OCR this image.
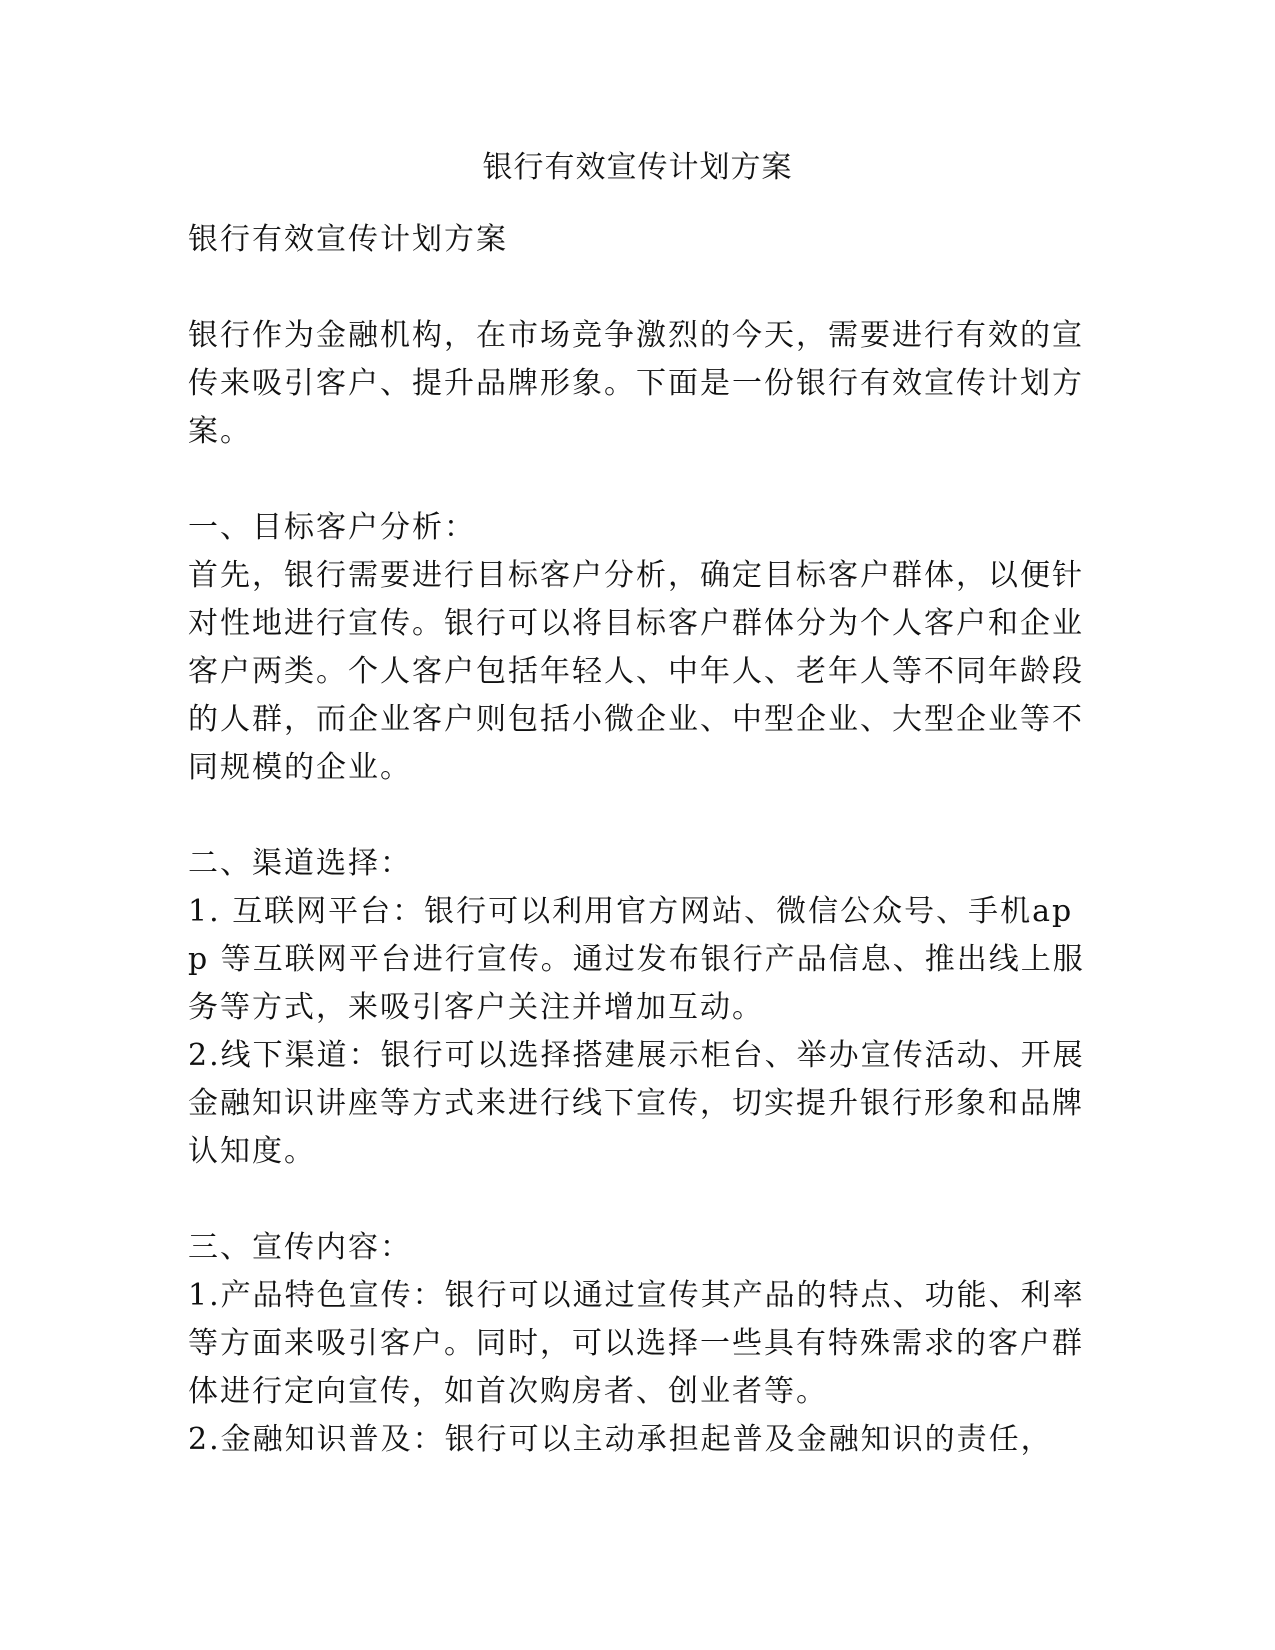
银行有效宣传计划方案

银行有效宣传计划方案

银行作为金融机构，在市场竞争激烈的今天，需要进行有效的宣传来吸引客户、提升品牌形象。下面是一份银行有效宣传计划方案。

一、目标客户分析：

首先，银行需要进行目标客户分析，确定目标客户群体，以便针对性地进行宣传。银行可以将目标客户群体分为个人客户和企业客户两类。个人客户包括年轻人、中年人、老年人等不同年龄段的人群，而企业客户则包括小微企业、中型企业、大型企业等不同规模的企业。

二、渠道选择：

1. 互联网平台：银行可以利用官方网站、微信公众号、手机app 等互联网平台进行宣传。通过发布银行产品信息、推出线上服务等方式，来吸引客户关注并增加互动。

2.线下渠道：银行可以选择搭建展示柜台、举办宣传活动、开展金融知识讲座等方式来进行线下宣传，切实提升银行形象和品牌认知度。

三、宣传内容：

1.产品特色宣传：银行可以通过宣传其产品的特点、功能、利率等方面来吸引客户。同时，可以选择一些具有特殊需求的客户群体进行定向宣传，如首次购房者、创业者等。

2.金融知识普及：银行可以主动承担起普及金融知识的责任，
